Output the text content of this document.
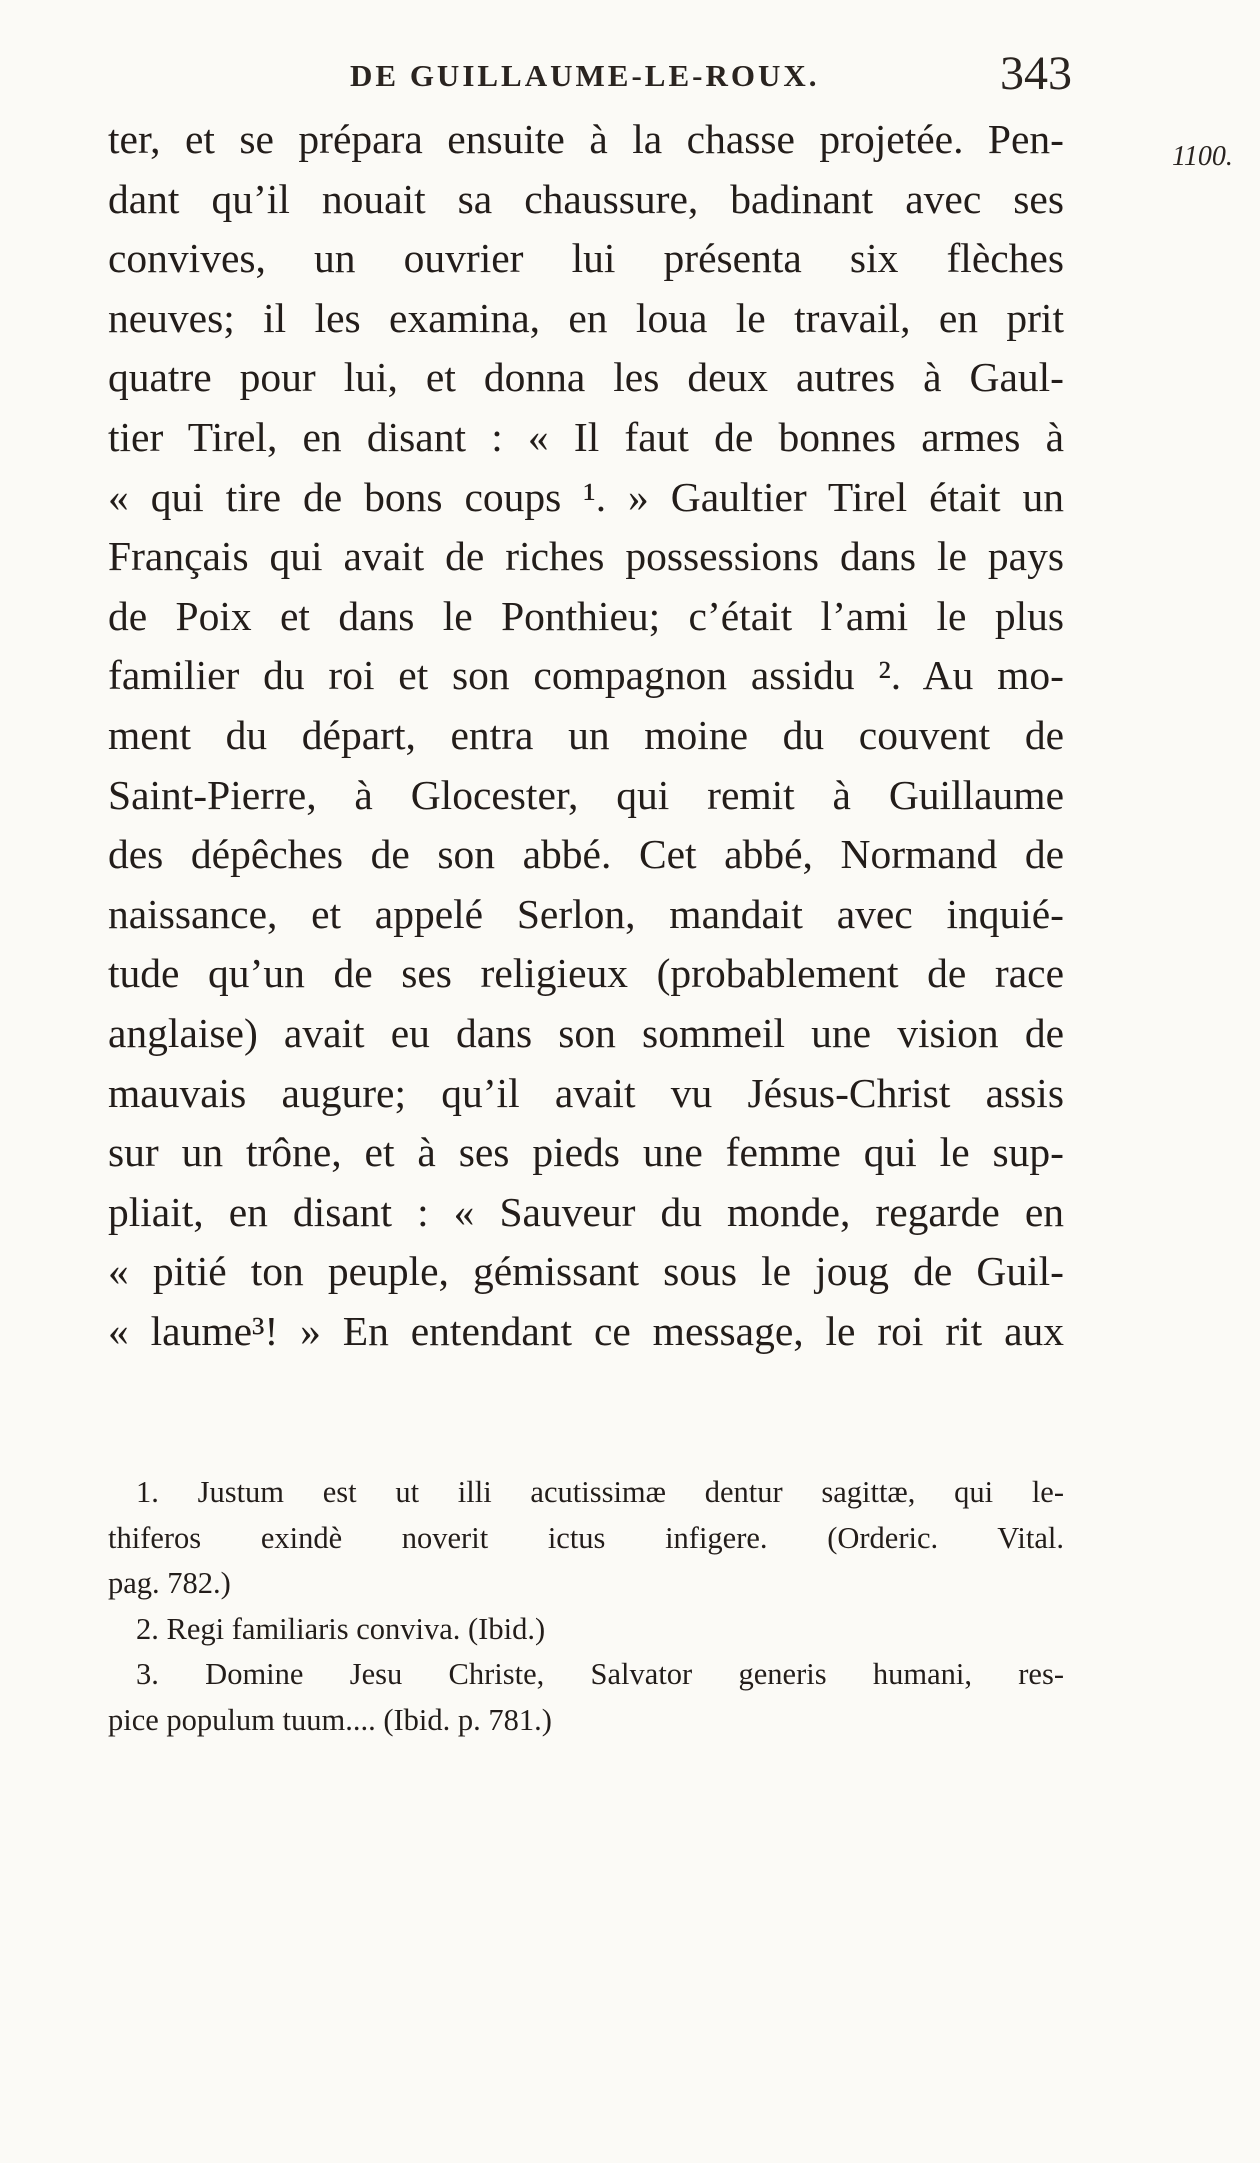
DE GUILLAUME-LE-ROUX.	343
1100.
ter, et se prépara ensuite à la chasse projetée. Pen-
dant qu’il nouait sa chaussure, badinant avec ses
convives, un ouvrier lui présenta six flèches
neuves; il les examina, en loua le travail, en prit
quatre pour lui, et donna les deux autres à Gaul-
tier Tirel, en disant : « Il faut de bonnes armes à
« qui tire de bons coups ¹. » Gaultier Tirel était un
Français qui avait de riches possessions dans le pays
de Poix et dans le Ponthieu; c’était l’ami le plus
familier du roi et son compagnon assidu ². Au mo-
ment du départ, entra un moine du couvent de
Saint-Pierre, à Glocester, qui remit à Guillaume
des dépêches de son abbé. Cet abbé, Normand de
naissance, et appelé Serlon, mandait avec inquié-
tude qu’un de ses religieux (probablement de race
anglaise) avait eu dans son sommeil une vision de
mauvais augure; qu’il avait vu Jésus-Christ assis
sur un trône, et à ses pieds une femme qui le sup-
pliait, en disant : « Sauveur du monde, regarde en
« pitié ton peuple, gémissant sous le joug de Guil-
« laume³! » En entendant ce message, le roi rit aux
1. Justum est ut illi acutissimæ dentur sagittæ, qui le-
thiferos exindè noverit ictus infigere. (Orderic. Vital.
pag. 782.)
2. Regi familiaris conviva. (Ibid.)
3. Domine Jesu Christe, Salvator generis humani, res-
pice populum tuum.... (Ibid. p. 781.)
